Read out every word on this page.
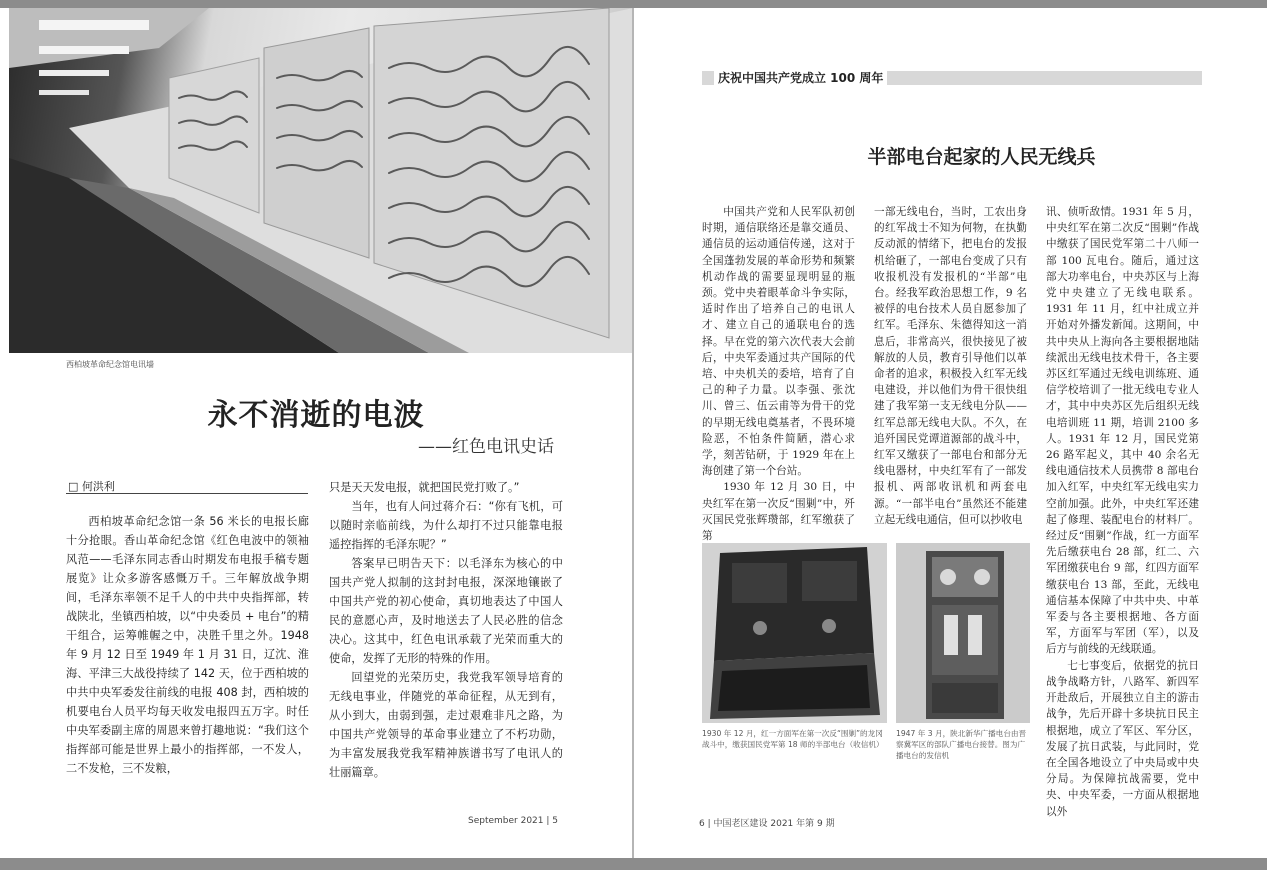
西柏坡革命纪念馆电讯墙
永不消逝的电波
——红色电讯史话
□ 何洪利

西柏坡革命纪念馆一条 56 米长的电报长廊十分抢眼。香山革命纪念馆《红色电波中的领袖风范——毛泽东同志香山时期发布电报手稿专题展览》让众多游客感慨万千。三年解放战争期间，毛泽东率领不足千人的中共中央指挥部，转战陕北，坐镇西柏坡，以“中央委员 + 电台”的精干组合，运筹帷幄之中，决胜千里之外。1948 年 9 月 12 日至 1949 年 1 月 31 日，辽沈、淮海、平津三大战役持续了 142 天，位于西柏坡的中共中央军委发往前线的电报 408 封，西柏坡的机要电台人员平均每天收发电报四五万字。时任中央军委副主席的周恩来曾打趣地说：“我们这个指挥部可能是世界上最小的指挥部，一不发人，二不发枪，三不发粮，

只是天天发电报，就把国民党打败了。”

当年，也有人问过蒋介石：“你有飞机，可以随时亲临前线，为什么却打不过只能靠电报遥控指挥的毛泽东呢？”

答案早已明告天下：以毛泽东为核心的中国共产党人拟制的这封封电报，深深地镶嵌了中国共产党的初心使命，真切地表达了中国人民的意愿心声，及时地送去了人民必胜的信念决心。这其中，红色电讯承载了光荣而重大的使命，发挥了无形的特殊的作用。

回望党的光荣历史，我党我军领导培育的无线电事业，伴随党的革命征程，从无到有，从小到大，由弱到强，走过艰难非凡之路，为中国共产党领导的革命事业建立了不朽功勋，为丰富发展我党我军精神族谱书写了电讯人的壮丽篇章。

September 2021 | 5
庆祝中国共产党成立 100 周年
半部电台起家的人民无线兵

中国共产党和人民军队初创时期，通信联络还是靠交通员、通信员的运动通信传递，这对于全国蓬勃发展的革命形势和频繁机动作战的需要显现明显的瓶颈。党中央着眼革命斗争实际，适时作出了培养自己的电讯人才、建立自己的通联电台的选择。早在党的第六次代表大会前后，中央军委通过共产国际的代培、中央机关的委培，培育了自己的种子力量。以李强、张沈川、曾三、伍云甫等为骨干的党的早期无线电奠基者，不畏环境险恶，不怕条件简陋，潜心求学，刻苦钻研，于 1929 年在上海创建了第一个台站。

1930 年 12 月 30 日，中央红军在第一次反“围剿”中，歼灭国民党张辉瓒部，红军缴获了第

一部无线电台，当时，工农出身的红军战士不知为何物，在执勤反动派的情绪下，把电台的发报机给砸了，一部电台变成了只有收报机没有发报机的“半部”电台。经我军政治思想工作，9 名被俘的电台技术人员自愿参加了红军。毛泽东、朱德得知这一消息后，非常高兴，很快接见了被解放的人员，教育引导他们以革命者的追求，积极投入红军无线电建设，并以他们为骨干很快组建了我军第一支无线电分队——红军总部无线电大队。不久，在追歼国民党谭道源部的战斗中，红军又缴获了一部电台和部分无线电器材，中央红军有了一部发报机、两部收讯机和两套电源。“一部半电台”虽然还不能建立起无线电通信，但可以抄收电

讯、侦听敌情。1931 年 5 月，中央红军在第二次反“围剿”作战中缴获了国民党军第二十八师一部 100 瓦电台。随后，通过这部大功率电台，中央苏区与上海党中央建立了无线电联系。1931 年 11 月，红中社成立并开始对外播发新闻。这期间，中共中央从上海向各主要根据地陆续派出无线电技术骨干，各主要苏区红军通过无线电训练班、通信学校培训了一批无线电专业人才，其中中央苏区先后组织无线电培训班 11 期，培训 2100 多人。1931 年 12 月，国民党第 26 路军起义，其中 40 余名无线电通信技术人员携带 8 部电台加入红军，中央红军无线电实力空前加强。此外，中央红军还建起了修理、装配电台的材料厂。经过反“围剿”作战，红一方面军先后缴获电台 28 部，红二、六军团缴获电台 9 部，红四方面军缴获电台 13 部，至此，无线电通信基本保障了中共中央、中革军委与各主要根据地、各方面军，方面军与军团（军），以及后方与前线的无线联通。

七七事变后，依据党的抗日战争战略方针，八路军、新四军开赴敌后，开展独立自主的游击战争，先后开辟十多块抗日民主根据地，成立了军区、军分区，发展了抗日武装，与此同时，党在全国各地设立了中央局或中央分局。为保障抗战需要，党中央、中央军委，一方面从根据地以外

1930 年 12 月，红一方面军在第一次反“围剿”的龙冈战斗中，缴获国民党军第 18 师的半部电台（收信机）
1947 年 3 月，陕北新华广播电台由晋察冀军区的部队广播电台接替。图为广播电台的发信机
6 | 中国老区建设 2021 年第 9 期
